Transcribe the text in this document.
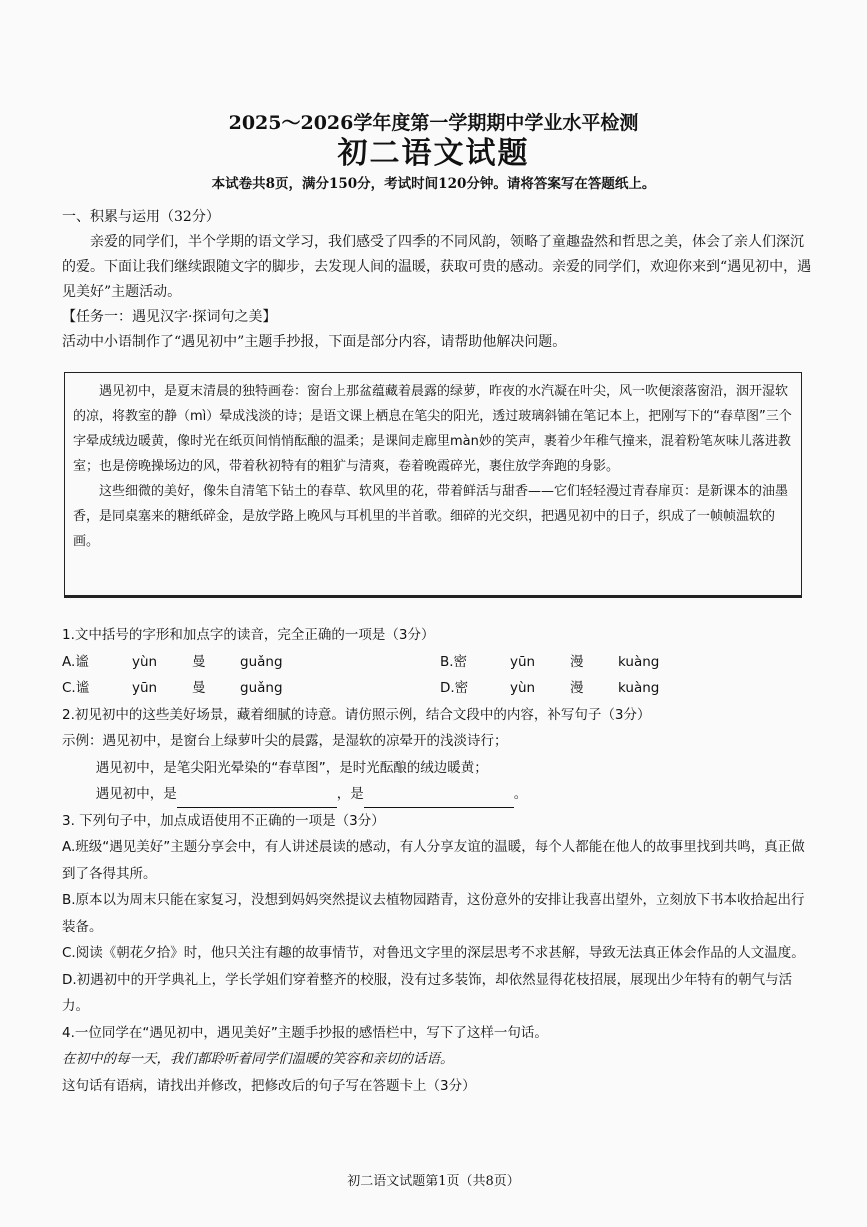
2025～2026学年度第一学期期中学业水平检测
初二语文试题
本试卷共8页，满分150分，考试时间120分钟。请将答案写在答题纸上。

一、积累与运用（32分）

亲爱的同学们，半个学期的语文学习，我们感受了四季的不同风韵，领略了童趣盎然和哲思之美，体会了亲人们深沉的爱。下面让我们继续跟随文字的脚步，去发现人间的温暖，获取可贵的感动。亲爱的同学们，欢迎你来到“遇见初中，遇见美好”主题活动。

【任务一：遇见汉字·探词句之美】

活动中小语制作了“遇见初中”主题手抄报，下面是部分内容，请帮助他解决问题。

遇见初中，是夏末清晨的独特画卷：窗台上那盆蕴藏着晨露的绿萝，昨夜的水汽凝在叶尖，风一吹便滚落窗沿，洇开湿软的凉，将教室的静（mì）晕成浅淡的诗；是语文课上栖息在笔尖的阳光，透过玻璃斜铺在笔记本上，把刚写下的“春草图”三个字晕成绒边暖黄，像时光在纸页间悄悄酝酿的温柔；是课间走廊里màn妙的笑声，裹着少年稚气撞来，混着粉笔灰味儿落进教室；也是傍晚操场边的风，带着秋初特有的粗犷与清爽，卷着晚霞碎光，裹住放学奔跑的身影。

这些细微的美好，像朱自清笔下钻土的春草、软风里的花，带着鲜活与甜香——它们轻轻漫过青春扉页：是新课本的油墨香，是同桌塞来的糖纸碎金，是放学路上晚风与耳机里的半首歌。细碎的光交织，把遇见初中的日子，织成了一帧帧温软的画。

1.文中括号的字形和加点字的读音，完全正确的一项是（3分）

A.谧	yùn	曼	guǎng	B.密	yūn	漫	kuàng
C.谧	yūn	曼	guǎng	D.密	yùn	漫	kuàng

2.初见初中的这些美好场景，藏着细腻的诗意。请仿照示例，结合文段中的内容，补写句子（3分）

示例：遇见初中，是窗台上绿萝叶尖的晨露，是湿软的凉晕开的浅淡诗行；

遇见初中，是笔尖阳光晕染的“春草图”，是时光酝酿的绒边暖黄；

遇见初中，是	，是	。

3. 下列句子中，加点成语使用不正确的一项是（3分）

A.班级“遇见美好”主题分享会中，有人讲述晨读的感动，有人分享友谊的温暖，每个人都能在他人的故事里找到共鸣，真正做到了各得其所。

B.原本以为周末只能在家复习，没想到妈妈突然提议去植物园踏青，这份意外的安排让我喜出望外，立刻放下书本收拾起出行装备。

C.阅读《朝花夕拾》时，他只关注有趣的故事情节，对鲁迅文字里的深层思考不求甚解，导致无法真正体会作品的人文温度。

D.初遇初中的开学典礼上，学长学姐们穿着整齐的校服，没有过多装饰，却依然显得花枝招展，展现出少年特有的朝气与活力。

4.一位同学在“遇见初中，遇见美好”主题手抄报的感悟栏中，写下了这样一句话。

在初中的每一天，我们都聆听着同学们温暖的笑容和亲切的话语。

这句话有语病，请找出并修改，把修改后的句子写在答题卡上（3分）

初二语文试题第1页（共8页）
